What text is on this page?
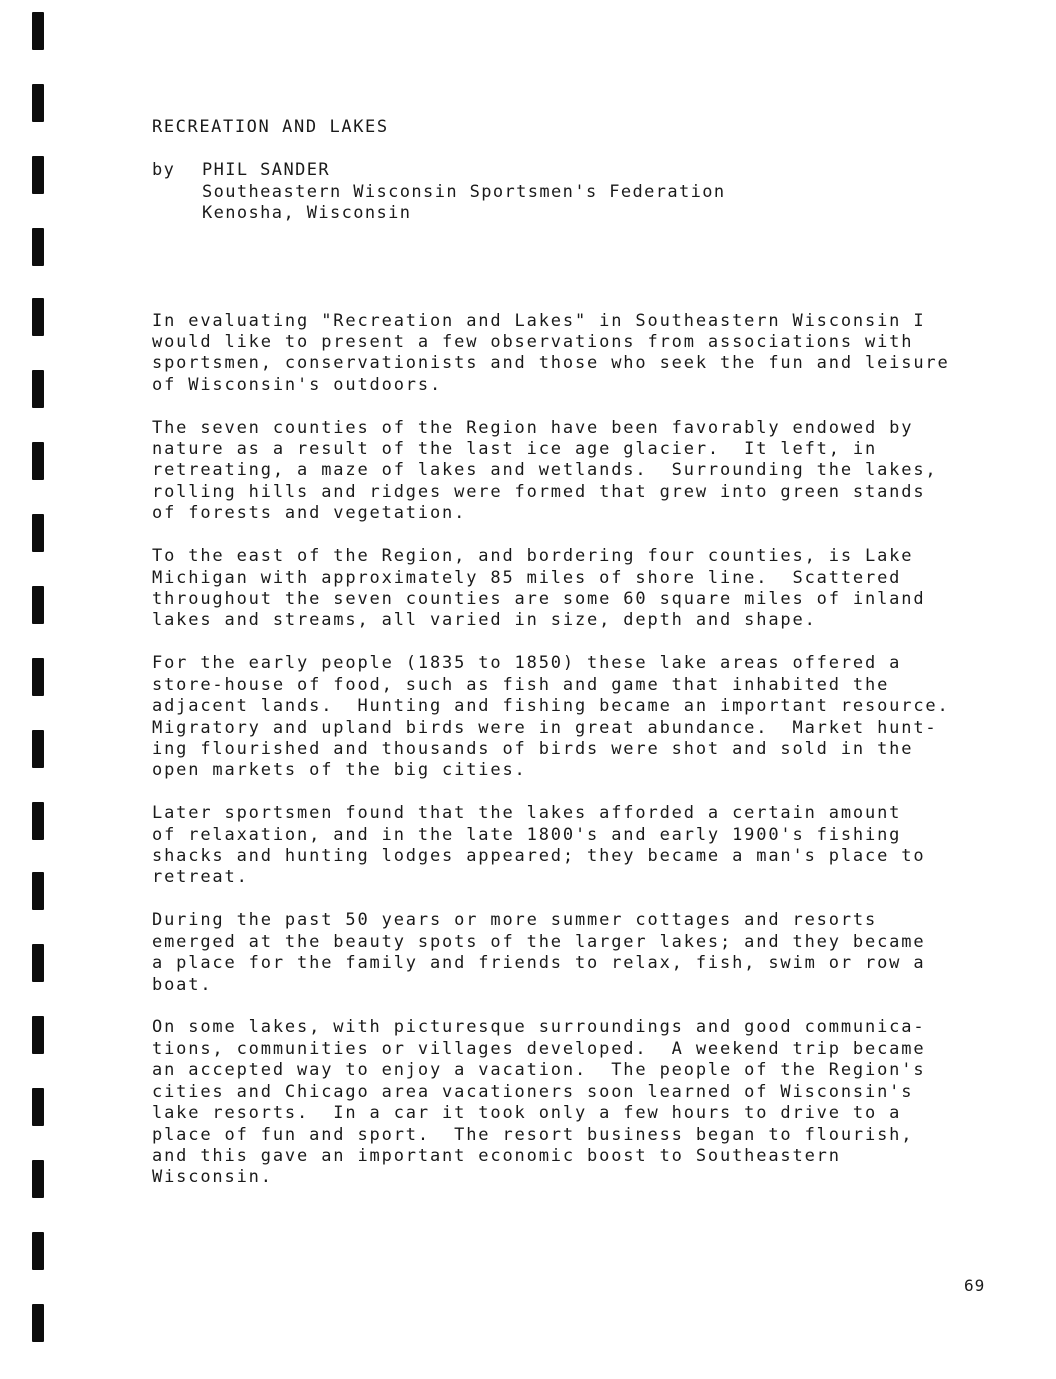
RECREATION AND LAKES
by	PHIL SANDER
Southeastern Wisconsin Sportsmen's Federation
Kenosha, Wisconsin
In evaluating "Recreation and Lakes" in Southeastern Wisconsin I
would like to present a few observations from associations with
sportsmen, conservationists and those who seek the fun and leisure
of Wisconsin's outdoors.
The seven counties of the Region have been favorably endowed by
nature as a result of the last ice age glacier.  It left, in
retreating, a maze of lakes and wetlands.  Surrounding the lakes,
rolling hills and ridges were formed that grew into green stands
of forests and vegetation.
To the east of the Region, and bordering four counties, is Lake
Michigan with approximately 85 miles of shore line.  Scattered
throughout the seven counties are some 60 square miles of inland
lakes and streams, all varied in size, depth and shape.
For the early people (1835 to 1850) these lake areas offered a
store-house of food, such as fish and game that inhabited the
adjacent lands.  Hunting and fishing became an important resource.
Migratory and upland birds were in great abundance.  Market hunt-
ing flourished and thousands of birds were shot and sold in the
open markets of the big cities.
Later sportsmen found that the lakes afforded a certain amount
of relaxation, and in the late 1800's and early 1900's fishing
shacks and hunting lodges appeared; they became a man's place to
retreat.
During the past 50 years or more summer cottages and resorts
emerged at the beauty spots of the larger lakes; and they became
a place for the family and friends to relax, fish, swim or row a
boat.
On some lakes, with picturesque surroundings and good communica-
tions, communities or villages developed.  A weekend trip became
an accepted way to enjoy a vacation.  The people of the Region's
cities and Chicago area vacationers soon learned of Wisconsin's
lake resorts.  In a car it took only a few hours to drive to a
place of fun and sport.  The resort business began to flourish,
and this gave an important economic boost to Southeastern
Wisconsin.
69
